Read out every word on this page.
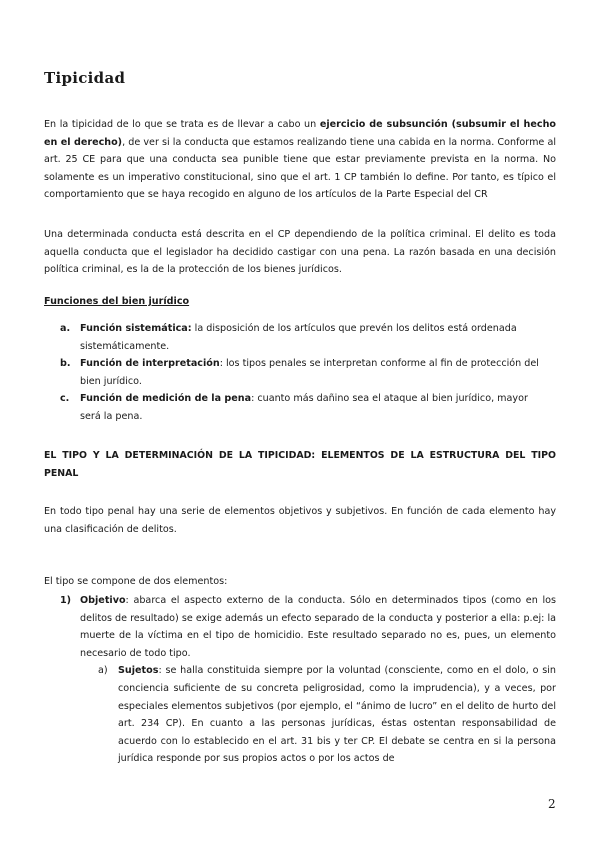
Tipicidad

En la tipicidad de lo que se trata es de llevar a cabo un ejercicio de subsunción (subsumir el hecho en el derecho), de ver si la conducta que estamos realizando tiene una cabida en la norma. Conforme al art. 25 CE para que una conducta sea punible tiene que estar previamente prevista en la norma. No solamente es un imperativo constitucional, sino que el art. 1 CP también lo define. Por tanto, es típico el comportamiento que se haya recogido en alguno de los artículos de la Parte Especial del CR

Una determinada conducta está descrita en el CP dependiendo de la política criminal. El delito es toda aquella conducta que el legislador ha decidido castigar con una pena. La razón basada en una decisión política criminal, es la de la protección de los bienes jurídicos.

Funciones del bien jurídico

a. Función sistemática: la disposición de los artículos que prevén los delitos está ordenada sistemáticamente.
b. Función de interpretación: los tipos penales se interpretan conforme al fin de protección del bien jurídico.
c. Función de medición de la pena: cuanto más dañino sea el ataque al bien jurídico, mayor será la pena.

EL TIPO Y LA DETERMINACIÓN DE LA TIPICIDAD: ELEMENTOS DE LA ESTRUCTURA DEL TIPO PENAL

En todo tipo penal hay una serie de elementos objetivos y subjetivos. En función de cada elemento hay una clasificación de delitos.

El tipo se compone de dos elementos:

1) Objetivo: abarca el aspecto externo de la conducta. Sólo en determinados tipos (como en los delitos de resultado) se exige además un efecto separado de la conducta y posterior a ella: p.ej: la muerte de la víctima en el tipo de homicidio. Este resultado separado no es, pues, un elemento necesario de todo tipo.
a) Sujetos: se halla constituida siempre por la voluntad (consciente, como en el dolo, o sin conciencia suficiente de su concreta peligrosidad, como la imprudencia), y a veces, por especiales elementos subjetivos (por ejemplo, el “ánimo de lucro” en el delito de hurto del art. 234 CP). En cuanto a las personas jurídicas, éstas ostentan responsabilidad de acuerdo con lo establecido en el art. 31 bis y ter CP. El debate se centra en si la persona jurídica responde por sus propios actos o por los actos de

2
